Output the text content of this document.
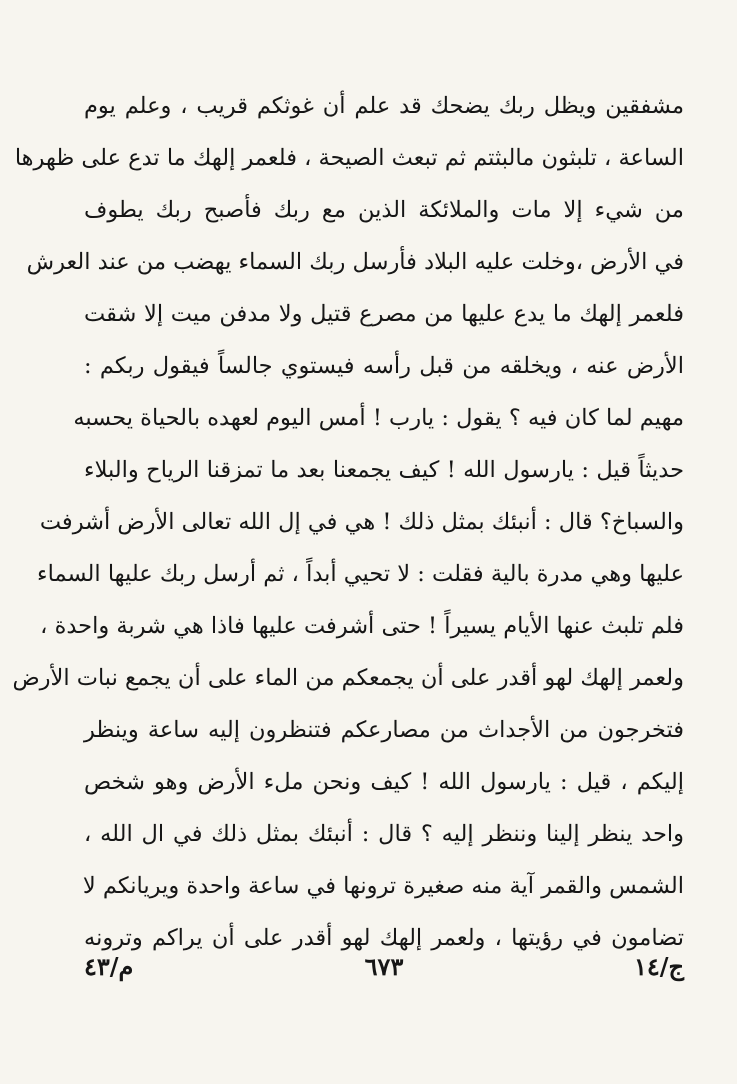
مشفقين ويظل ربك يضحك قد علم أن غوثكم قريب ، وعلم يوم
الساعة ، تلبثون مالبثتم ثم تبعث الصيحة ، فلعمر إلهك ما تدع على ظهرها
من شيء إلا مات والملائكة الذين مع ربك فأصبح ربك يطوف
في الأرض ،وخلت عليه البلاد فأرسل ربك السماء يهضب من عند العرش
فلعمر إلهك ما يدع عليها من مصرع قتيل ولا مدفن ميت إلا شقت
الأرض عنه ، ويخلقه من قبل رأسه فيستوي جالساً فيقول ربكم :
مهيم لما كان فيه ؟ يقول : يارب ! أمس اليوم لعهده بالحياة يحسبه
حديثاً قيل : يارسول الله ! كيف يجمعنا بعد ما تمزقنا الرياح والبلاء
والسباخ؟ قال : أنبئك بمثل ذلك ! هي في إل الله تعالى الأرض أشرفت
عليها وهي مدرة بالية فقلت : لا تحيي أبداً ، ثم أرسل ربك عليها السماء
فلم تلبث عنها الأيام يسيراً ! حتى أشرفت عليها فاذا هي شربة واحدة ،
ولعمر إلهك لهو أقدر على أن يجمعكم من الماء على أن يجمع نبات الأرض
فتخرجون من الأجداث من مصارعكم فتنظرون إليه ساعة وينظر
إليكم ، قيل : يارسول الله ! كيف ونحن ملء الأرض وهو شخص
واحد ينظر إلينا وننظر إليه ؟ قال : أنبئك بمثل ذلك في ال الله ،
الشمس والقمر آية منه صغيرة ترونها في ساعة واحدة ويريانكم لا
تضامون في رؤيتها ، ولعمر إلهك لهو أقدر على أن يراكم وترونه
ج/١٤
٦٧٣
م/٤٣
